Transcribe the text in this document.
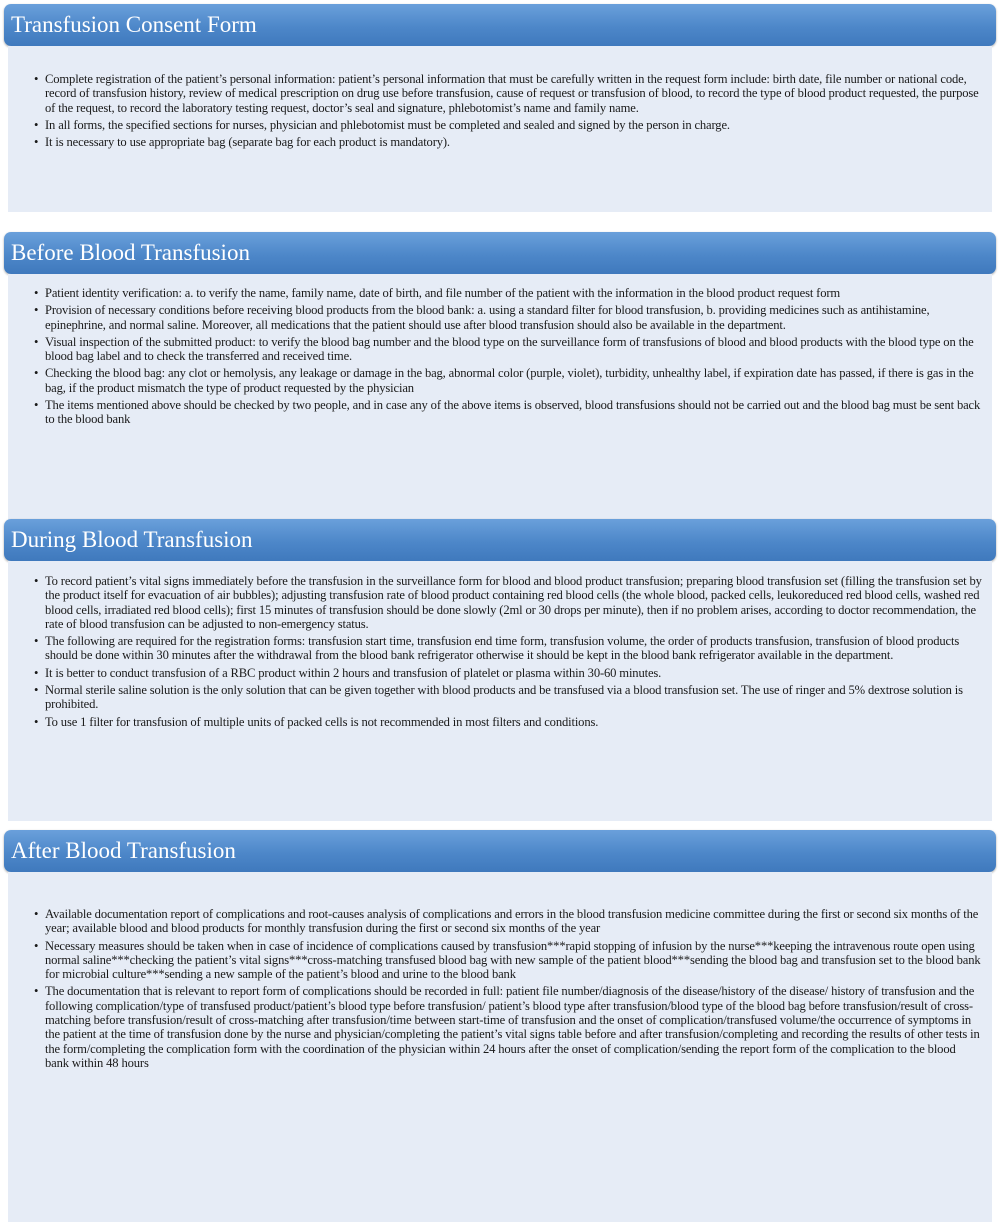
Transfusion Consent Form
• Complete registration of the patient’s personal information: patient’s personal information that must be carefully written in the request form include: birth date, file number or national code, record of transfusion history, review of medical prescription on drug use before transfusion, cause of request or transfusion of blood, to record the type of blood product requested, the purpose of the request, to record the laboratory testing request, doctor’s seal and signature, phlebotomist’s name and family name.
• In all forms, the specified sections for nurses, physician and phlebotomist must be completed and sealed and signed by the person in charge.
• It is necessary to use appropriate bag (separate bag for each product is mandatory).
Before Blood Transfusion
• Patient identity verification: a. to verify the name, family name, date of birth, and file number of the patient with the information in the blood product request form
• Provision of necessary conditions before receiving blood products from the blood bank: a. using a standard filter for blood transfusion, b. providing medicines such as antihistamine, epinephrine, and normal saline. Moreover, all medications that the patient should use after blood transfusion should also be available in the department.
• Visual inspection of the submitted product: to verify the blood bag number and the blood type on the surveillance form of transfusions of blood and blood products with the blood type on the blood bag label and to check the transferred and received time.
• Checking the blood bag: any clot or hemolysis, any leakage or damage in the bag, abnormal color (purple, violet), turbidity, unhealthy label, if expiration date has passed, if there is gas in the bag, if the product mismatch the type of product requested by the physician
• The items mentioned above should be checked by two people, and in case any of the above items is observed, blood transfusions should not be carried out and the blood bag must be sent back to the blood bank
During Blood Transfusion
• To record patient’s vital signs immediately before the transfusion in the surveillance form for blood and blood product transfusion; preparing blood transfusion set (filling the transfusion set by the product itself for evacuation of air bubbles); adjusting transfusion rate of blood product containing red blood cells (the whole blood, packed cells, leukoreduced red blood cells, washed red blood cells, irradiated red blood cells); first 15 minutes of transfusion should be done slowly (2ml or 30 drops per minute), then if no problem arises, according to doctor recommendation, the rate of blood transfusion can be adjusted to non-emergency status.
• The following are required for the registration forms: transfusion start time, transfusion end time form, transfusion volume, the order of products transfusion, transfusion of blood products should be done within 30 minutes after the withdrawal from the blood bank refrigerator otherwise it should be kept in the blood bank refrigerator available in the department.
• It is better to conduct transfusion of a RBC product within 2 hours and transfusion of platelet or plasma within 30-60 minutes.
• Normal sterile saline solution is the only solution that can be given together with blood products and be transfused via a blood transfusion set. The use of ringer and 5% dextrose solution is prohibited.
• To use 1 filter for transfusion of multiple units of packed cells is not recommended in most filters and conditions.
After Blood Transfusion
• Available documentation report of complications and root-causes analysis of complications and errors in the blood transfusion medicine committee during the first or second six months of the year; available blood and blood products for monthly transfusion during the first or second six months of the year
• Necessary measures should be taken when in case of incidence of complications caused by transfusion***rapid stopping of infusion by the nurse***keeping the intravenous route open using normal saline***checking the patient’s vital signs***cross-matching transfused blood bag with new sample of the patient blood***sending the blood bag and transfusion set to the blood bank for microbial culture***sending a new sample of the patient’s blood and urine to the blood bank
• The documentation that is relevant to report form of complications should be recorded in full: patient file number/diagnosis of the disease/history of the disease/ history of transfusion and the following complication/type of transfused product/patient’s blood type before transfusion/ patient’s blood type after transfusion/blood type of the blood bag before transfusion/result of cross-matching before transfusion/result of cross-matching after transfusion/time between start-time of transfusion and the onset of complication/transfused volume/the occurrence of symptoms in the patient at the time of transfusion done by the nurse and physician/completing the patient’s vital signs table before and after transfusion/completing and recording the results of other tests in the form/completing the complication form with the coordination of the physician within 24 hours after the onset of complication/sending the report form of the complication to the blood bank within 48 hours
